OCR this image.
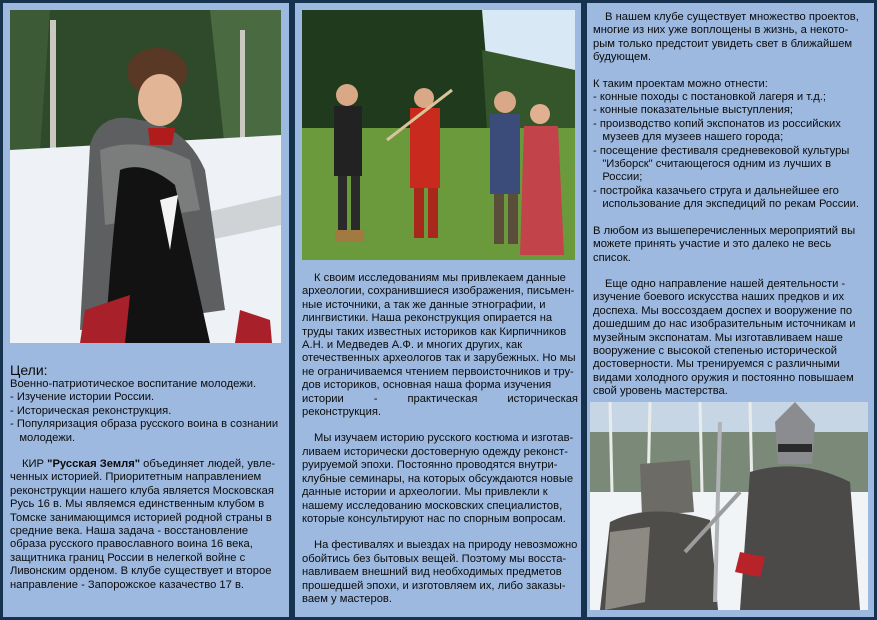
Цели:

Военно-патриотическое воспитание молодежи.

- Изучение истории России.

- Историческая реконструкция.

- Популяризация образа русского воина в сознании

молодежи.

КИР "Русская Земля" объединяет людей, увле-

ченных историей. Приоритетным направлением

реконструкции нашего клуба является Московская

Русь 16 в. Мы являемся единственным клубом в

Томске занимающимся историей родной страны в

средние века. Наша задача - восстановление

образа русского православного воина 16 века,

защитника границ России в нелегкой войне с

Ливонским орденом. В клубе существует и второе

направление - Запорожское казачество 17 в.

К своим исследованиям мы привлекаем данные

археологии, сохранившиеся изображения, письмен-

ные источники, а так же данные этнографии, и

лингвистики. Наша реконструкция опирается на

труды таких известных историков как Кирпичников

А.Н. и Медведев А.Ф. и многих других, как

отечественных археологов так и зарубежных. Но мы

не ограничиваемся чтением первоисточников и тру-

дов историков, основная наша форма изучения

истории - практическая историческая реконструкция.

Мы изучаем историю русского костюма и изготав-

ливаем исторически достоверную одежду реконст-

руируемой эпохи. Постоянно проводятся внутри-

клубные семинары, на которых обсуждаются новые

данные истории и археологии. Мы привлекли к

нашему исследованию московских специалистов,

которые консультируют нас по спорным вопросам.

На фестивалях и выездах на природу невозможно

обойтись без бытовых вещей. Поэтому мы восста-

навливаем внешний вид необходимых предметов

прошедшей эпохи, и изготовляем их, либо заказы-

ваем у мастеров.

В нашем клубе существует множество проектов,

многие из них уже воплощены в жизнь, а некото-

рым только предстоит увидеть свет в ближайшем

будующем.

К таким проектам можно отнести:

- конные походы с постановкой лагеря и т.д.;

- конные показательные выступления;

- производство копий экспонатов из российских

музеев для музеев нашего города;

- посещение фестиваля средневековой культуры

"Изборск" считающегося одним из лучших в

России;

- постройка казачьего струга и дальнейшее его

использование для экспедиций по рекам России.

В любом из вышеперечисленных мероприятий вы

можете принять участие и это далеко не весь список.

Еще одно направление нашей деятельности -

изучение боевого искусства наших предков и их

доспеха. Мы воссоздаем доспех и вооружение по

дошедшим до нас изобразительным источникам и

музейным экспонатам. Мы изготавливаем наше

вооружение с высокой степенью исторической

достоверности. Мы тренируемся с различными

видами холодного оружия и постоянно повышаем

свой уровень мастерства.
